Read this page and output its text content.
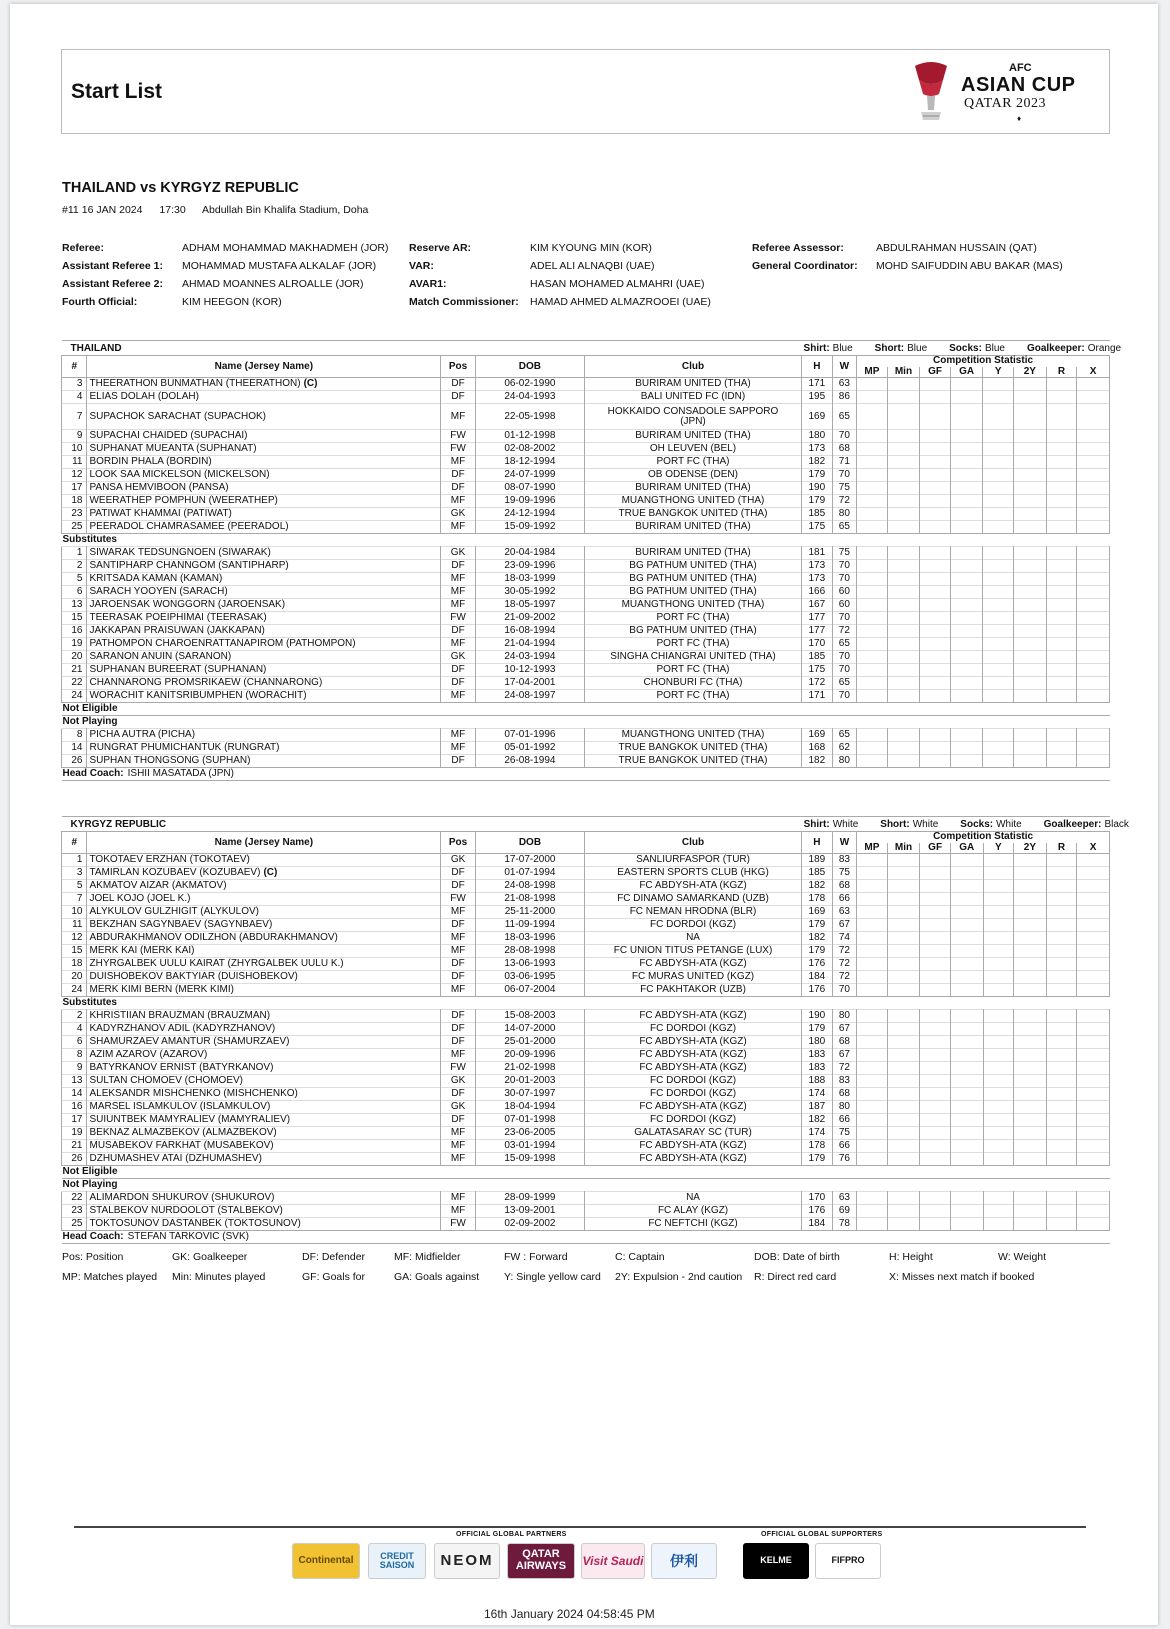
Start List
AFC
ASIAN CUP
QATAR 2023
♦
THAILAND vs KYRGYZ REPUBLIC
#11 16 JAN 2024 17:30 Abdullah Bin Khalifa Stadium, Doha
Referee:	ADHAM MOHAMMAD MAKHADMEH (JOR)
Assistant Referee 1: MOHAMMAD MUSTAFA ALKALAF (JOR)
Assistant Referee 2: AHMAD MOANNES ALROALLE (JOR)
Fourth Official:	KIM HEEGON (KOR)
Reserve AR:	KIM KYOUNG MIN (KOR)
VAR:	ADEL ALI ALNAQBI (UAE)
AVAR1:	HASAN MOHAMED ALMAHRI (UAE)
Match Commissioner: HAMAD AHMED ALMAZROOEI (UAE)
Referee Assessor:	ABDULRAHMAN HUSSAIN (QAT)
General Coordinator: MOHD SAIFUDDIN ABU BAKAR (MAS)
THAILAND					Shirt: Blue Short: Blue Socks: Blue Goalkeeper: Orange									
#	Name (Jersey Name)	Pos	DOB	Club	H	W	Competition Statistic							
							MP	Min	GF	GA	Y	2Y	R	X
3	THEERATHON BUNMATHAN (THEERATHON) (C)	DF	06-02-1990	BURIRAM UNITED (THA)	171	63								
4	ELIAS DOLAH (DOLAH)	DF	24-04-1993	BALI UNITED FC (IDN)	195	86								
7	SUPACHOK SARACHAT (SUPACHOK)	MF	22-05-1998	HOKKAIDO CONSADOLE SAPPORO
(JPN)	169	65								
9	SUPACHAI CHAIDED (SUPACHAI)	FW	01-12-1998	BURIRAM UNITED (THA)	180	70								
10	SUPHANAT MUEANTA (SUPHANAT)	FW	02-08-2002	OH LEUVEN (BEL)	173	68								
11	BORDIN PHALA (BORDIN)	MF	18-12-1994	PORT FC (THA)	182	71								
12	LOOK SAA MICKELSON (MICKELSON)	DF	24-07-1999	OB ODENSE (DEN)	179	70								
17	PANSA HEMVIBOON (PANSA)	DF	08-07-1990	BURIRAM UNITED (THA)	190	75								
18	WEERATHEP POMPHUN (WEERATHEP)	MF	19-09-1996	MUANGTHONG UNITED (THA)	179	72								
23	PATIWAT KHAMMAI (PATIWAT)	GK	24-12-1994	TRUE BANGKOK UNITED (THA)	185	80								
25	PEERADOL CHAMRASAMEE (PEERADOL)	MF	15-09-1992	BURIRAM UNITED (THA)	175	65								
Substitutes														
1	SIWARAK TEDSUNGNOEN (SIWARAK)	GK	20-04-1984	BURIRAM UNITED (THA)	181	75								
2	SANTIPHARP CHANNGOM (SANTIPHARP)	DF	23-09-1996	BG PATHUM UNITED (THA)	173	70								
5	KRITSADA KAMAN (KAMAN)	MF	18-03-1999	BG PATHUM UNITED (THA)	173	70								
6	SARACH YOOYEN (SARACH)	MF	30-05-1992	BG PATHUM UNITED (THA)	166	60								
13	JAROENSAK WONGGORN (JAROENSAK)	MF	18-05-1997	MUANGTHONG UNITED (THA)	167	60								
15	TEERASAK POEIPHIMAI (TEERASAK)	FW	21-09-2002	PORT FC (THA)	177	70								
16	JAKKAPAN PRAISUWAN (JAKKAPAN)	DF	16-08-1994	BG PATHUM UNITED (THA)	177	72								
19	PATHOMPON CHAROENRATTANAPIROM (PATHOMPON)	MF	21-04-1994	PORT FC (THA)	170	65								
20	SARANON ANUIN (SARANON)	GK	24-03-1994	SINGHA CHIANGRAI UNITED (THA)	185	70								
21	SUPHANAN BUREERAT (SUPHANAN)	DF	10-12-1993	PORT FC (THA)	175	70								
22	CHANNARONG PROMSRIKAEW (CHANNARONG)	DF	17-04-2001	CHONBURI FC (THA)	172	65								
24	WORACHIT KANITSRIBUMPHEN (WORACHIT)	MF	24-08-1997	PORT FC (THA)	171	70								
Not Eligible														
Not Playing														
8	PICHA AUTRA (PICHA)	MF	07-01-1996	MUANGTHONG UNITED (THA)	169	65								
14	RUNGRAT PHUMICHANTUK (RUNGRAT)	MF	05-01-1992	TRUE BANGKOK UNITED (THA)	168	62								
26	SUPHAN THONGSONG (SUPHAN)	DF	26-08-1994	TRUE BANGKOK UNITED (THA)	182	80								
Head Coach: ISHII MASATADA (JPN)														
KYRGYZ REPUBLIC					Shirt: White Short: White Socks: White Goalkeeper: Black									
#	Name (Jersey Name)	Pos	DOB	Club	H	W	Competition Statistic							
							MP	Min	GF	GA	Y	2Y	R	X
1	TOKOTAEV ERZHAN (TOKOTAEV)	GK	17-07-2000	SANLIURFASPOR (TUR)	189	83								
3	TAMIRLAN KOZUBAEV (KOZUBAEV) (C)	DF	01-07-1994	EASTERN SPORTS CLUB (HKG)	185	75								
5	AKMATOV AIZAR (AKMATOV)	DF	24-08-1998	FC ABDYSH-ATA (KGZ)	182	68								
7	JOEL KOJO (JOEL K.)	FW	21-08-1998	FC DINAMO SAMARKAND (UZB)	178	66								
10	ALYKULOV GULZHIGIT (ALYKULOV)	MF	25-11-2000	FC NEMAN HRODNA (BLR)	169	63								
11	BEKZHAN SAGYNBAEV (SAGYNBAEV)	DF	11-09-1994	FC DORDOI (KGZ)	179	67								
12	ABDURAKHMANOV ODILZHON (ABDURAKHMANOV)	MF	18-03-1996	NA	182	74								
15	MERK KAI (MERK KAI)	MF	28-08-1998	FC UNION TITUS PETANGE (LUX)	179	72								
18	ZHYRGALBEK UULU KAIRAT (ZHYRGALBEK UULU K.)	DF	13-06-1993	FC ABDYSH-ATA (KGZ)	176	72								
20	DUISHOBEKOV BAKTYIAR (DUISHOBEKOV)	DF	03-06-1995	FC MURAS UNITED (KGZ)	184	72								
24	MERK KIMI BERN (MERK KIMI)	MF	06-07-2004	FC PAKHTAKOR (UZB)	176	70								
Substitutes														
2	KHRISTIIAN BRAUZMAN (BRAUZMAN)	DF	15-08-2003	FC ABDYSH-ATA (KGZ)	190	80								
4	KADYRZHANOV ADIL (KADYRZHANOV)	DF	14-07-2000	FC DORDOI (KGZ)	179	67								
6	SHAMURZAEV AMANTUR (SHAMURZAEV)	DF	25-01-2000	FC ABDYSH-ATA (KGZ)	180	68								
8	AZIM AZAROV (AZAROV)	MF	20-09-1996	FC ABDYSH-ATA (KGZ)	183	67								
9	BATYRKANOV ERNIST (BATYRKANOV)	FW	21-02-1998	FC ABDYSH-ATA (KGZ)	183	72								
13	SULTAN CHOMOEV (CHOMOEV)	GK	20-01-2003	FC DORDOI (KGZ)	188	83								
14	ALEKSANDR MISHCHENKO (MISHCHENKO)	DF	30-07-1997	FC DORDOI (KGZ)	174	68								
16	MARSEL ISLAMKULOV (ISLAMKULOV)	GK	18-04-1994	FC ABDYSH-ATA (KGZ)	187	80								
17	SUIUNTBEK MAMYRALIEV (MAMYRALIEV)	DF	07-01-1998	FC DORDOI (KGZ)	182	66								
19	BEKNAZ ALMAZBEKOV (ALMAZBEKOV)	MF	23-06-2005	GALATASARAY SC (TUR)	174	75								
21	MUSABEKOV FARKHAT (MUSABEKOV)	MF	03-01-1994	FC ABDYSH-ATA (KGZ)	178	66								
26	DZHUMASHEV ATAI (DZHUMASHEV)	MF	15-09-1998	FC ABDYSH-ATA (KGZ)	179	76								
Not Eligible														
Not Playing														
22	ALIMARDON SHUKUROV (SHUKUROV)	MF	28-09-1999	NA	170	63								
23	STALBEKOV NURDOOLOT (STALBEKOV)	MF	13-09-2001	FC ALAY (KGZ)	176	69								
25	TOKTOSUNOV DASTANBEK (TOKTOSUNOV)	FW	02-09-2002	FC NEFTCHI (KGZ)	184	78								
Head Coach: STEFAN TARKOVIC (SVK)														
Pos: Position	GK: Goalkeeper	DF: Defender	MF: Midfielder	FW : Forward	C: Captain	DOB: Date of birth	H: Height	W: Weight
MP: Matches played Min: Minutes played	GF: Goals for	GA: Goals against Y: Single yellow card 2Y: Expulsion - 2nd caution R: Direct red card	X: Misses next match if booked
OFFICIAL GLOBAL PARTNERS	OFFICIAL GLOBAL SUPPORTERS
Continental	CREDIT SAISON	NEOM	QATAR AIRWAYS	Visit Saudi	伊利	KELME	FIFPRO
16th January 2024 04:58:45 PM
